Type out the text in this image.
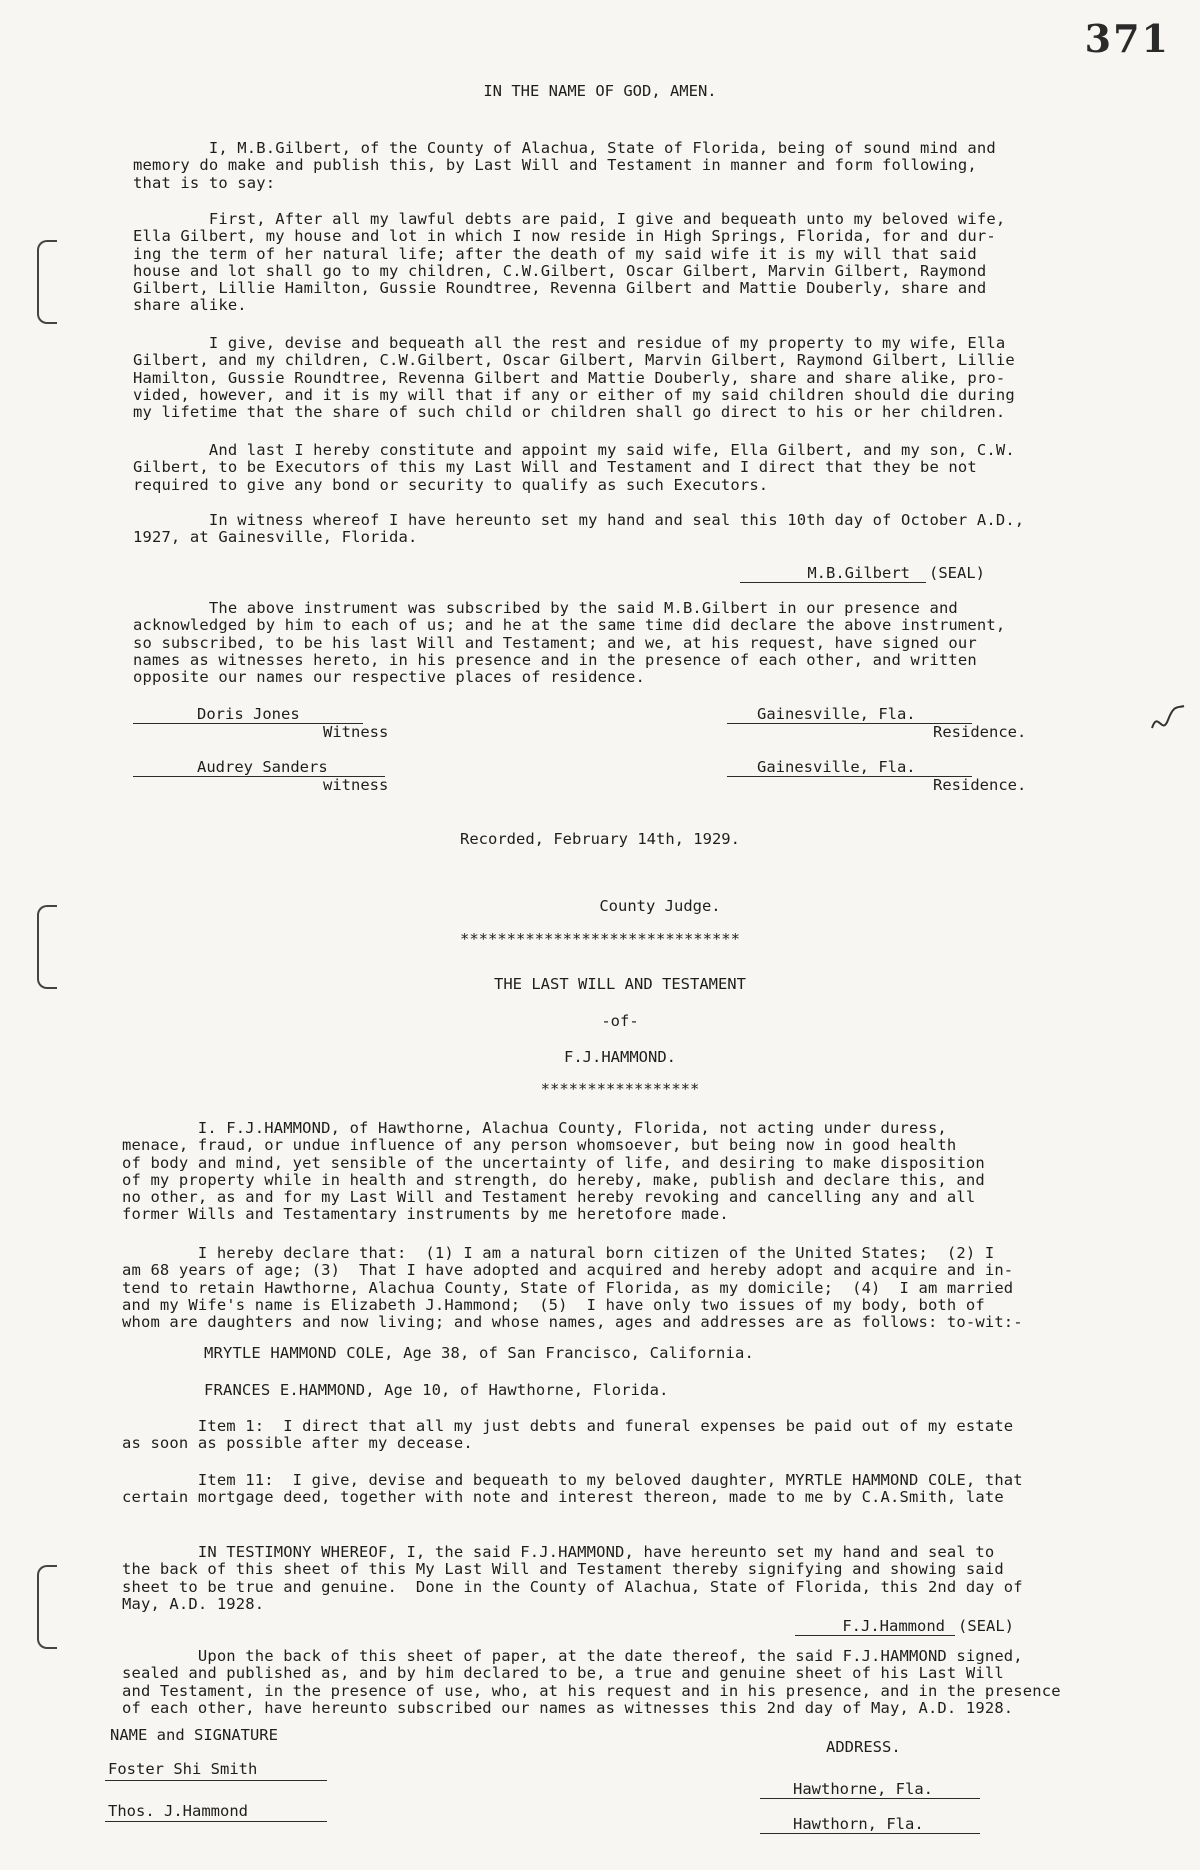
371
IN THE NAME OF GOD, AMEN.
I, M.B.Gilbert, of the County of Alachua, State of Florida, being of sound mind and
memory do make and publish this, by Last Will and Testament in manner and form following,
that is to say:
First, After all my lawful debts are paid, I give and bequeath unto my beloved wife,
Ella Gilbert, my house and lot in which I now reside in High Springs, Florida, for and dur-
ing the term of her natural life; after the death of my said wife it is my will that said
house and lot shall go to my children, C.W.Gilbert, Oscar Gilbert, Marvin Gilbert, Raymond
Gilbert, Lillie Hamilton, Gussie Roundtree, Revenna Gilbert and Mattie Douberly, share and
share alike.
I give, devise and bequeath all the rest and residue of my property to my wife, Ella
Gilbert, and my children, C.W.Gilbert, Oscar Gilbert, Marvin Gilbert, Raymond Gilbert, Lillie
Hamilton, Gussie Roundtree, Revenna Gilbert and Mattie Douberly, share and share alike, pro-
vided, however, and it is my will that if any or either of my said children should die during
my lifetime that the share of such child or children shall go direct to his or her children.
And last I hereby constitute and appoint my said wife, Ella Gilbert, and my son, C.W.
Gilbert, to be Executors of this my Last Will and Testament and I direct that they be not
required to give any bond or security to qualify as such Executors.
In witness whereof I have hereunto set my hand and seal this 10th day of October A.D.,
1927, at Gainesville, Florida.
M.B.Gilbert (SEAL)
The above instrument was subscribed by the said M.B.Gilbert in our presence and
acknowledged by him to each of us; and he at the same time did declare the above instrument,
so subscribed, to be his last Will and Testament; and we, at his request, have signed our
names as witnesses hereto, in his presence and in the presence of each other, and written
opposite our names our respective places of residence.
Doris Jones
Witness
Gainesville, Fla.
Residence.
Audrey Sanders
witness
Gainesville, Fla.
Residence.
Recorded, February 14th, 1929.
County Judge.
******************************
THE LAST WILL AND TESTAMENT
-of-
F.J.HAMMOND.
*****************
I. F.J.HAMMOND, of Hawthorne, Alachua County, Florida, not acting under duress,
menace, fraud, or undue influence of any person whomsoever, but being now in good health
of body and mind, yet sensible of the uncertainty of life, and desiring to make disposition
of my property while in health and strength, do hereby, make, publish and declare this, and
no other, as and for my Last Will and Testament hereby revoking and cancelling any and all
former Wills and Testamentary instruments by me heretofore made.
I hereby declare that:  (1) I am a natural born citizen of the United States;  (2) I
am 68 years of age; (3)  That I have adopted and acquired and hereby adopt and acquire and in-
tend to retain Hawthorne, Alachua County, State of Florida, as my domicile;  (4)  I am married
and my Wife's name is Elizabeth J.Hammond;  (5)  I have only two issues of my body, both of
whom are daughters and now living; and whose names, ages and addresses are as follows: to-wit:-
MRYTLE HAMMOND COLE, Age 38, of San Francisco, California.
FRANCES E.HAMMOND, Age 10, of Hawthorne, Florida.
Item 1:  I direct that all my just debts and funeral expenses be paid out of my estate
as soon as possible after my decease.
Item 11:  I give, devise and bequeath to my beloved daughter, MYRTLE HAMMOND COLE, that
certain mortgage deed, together with note and interest thereon, made to me by C.A.Smith, late
IN TESTIMONY WHEREOF, I, the said F.J.HAMMOND, have hereunto set my hand and seal to
the back of this sheet of this My Last Will and Testament thereby signifying and showing said
sheet to be true and genuine.  Done in the County of Alachua, State of Florida, this 2nd day of
May, A.D. 1928.
F.J.Hammond (SEAL)
Upon the back of this sheet of paper, at the date thereof, the said F.J.HAMMOND signed,
sealed and published as, and by him declared to be, a true and genuine sheet of his Last Will
and Testament, in the presence of use, who, at his request and in his presence, and in the presence
of each other, have hereunto subscribed our names as witnesses this 2nd day of May, A.D. 1928.
NAME and SIGNATURE
ADDRESS.
Foster Shi Smith
Hawthorne, Fla.
Thos. J.Hammond
Hawthorn, Fla.
